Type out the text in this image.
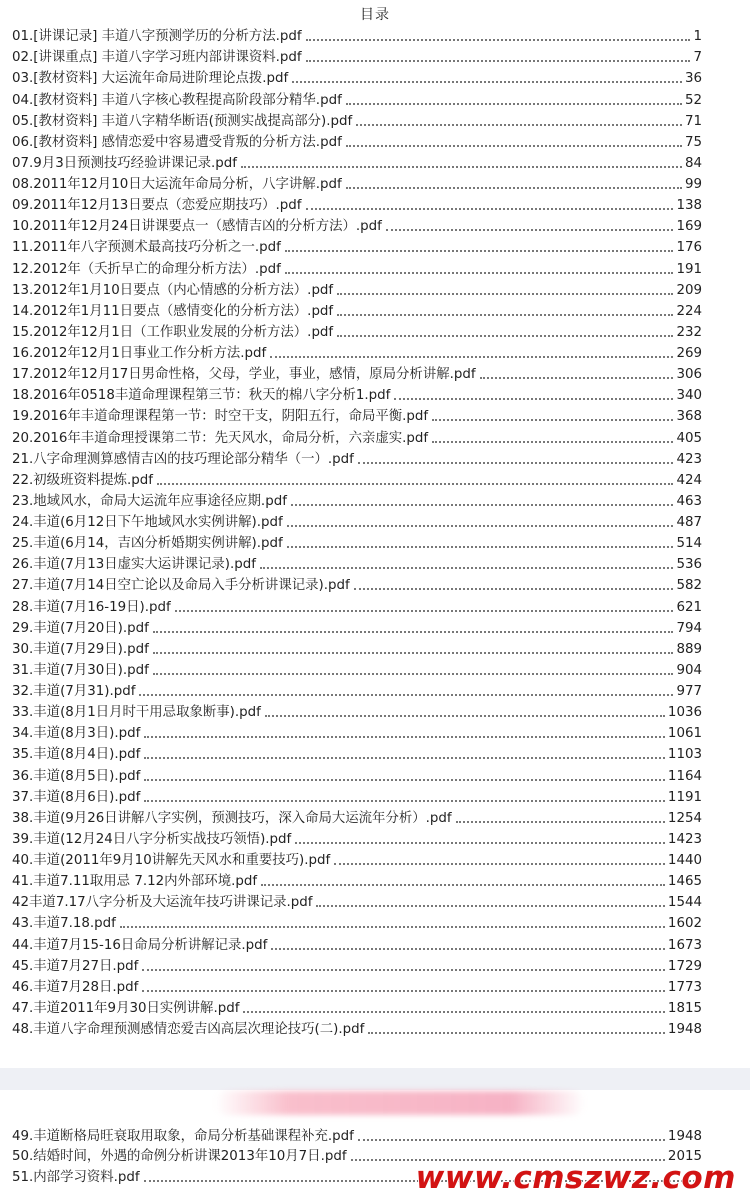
目录
01.[讲课记录] 丰道八字预测学历的分析方法.pdf	1
02.[讲课重点] 丰道八字学习班内部讲课资料.pdf	7
03.[教材资料] 大运流年命局进阶理论点拨.pdf	36
04.[教材资料] 丰道八字核心教程提高阶段部分精华.pdf	52
05.[教材资料] 丰道八字精华断语(预测实战提高部分).pdf	71
06.[教材资料] 感情恋爱中容易遭受背叛的分析方法.pdf	75
07.9月3日预测技巧经验讲课记录.pdf	84
08.2011年12月10日大运流年命局分析，八字讲解.pdf	99
09.2011年12月13日要点（恋爱应期技巧）.pdf	138
10.2011年12月24日讲课要点一（感情吉凶的分析方法）.pdf	169
11.2011年八字预测术最高技巧分析之一.pdf	176
12.2012年（夭折早亡的命理分析方法）.pdf	191
13.2012年1月10日要点（内心情感的分析方法）.pdf	209
14.2012年1月11日要点（感情变化的分析方法）.pdf	224
15.2012年12月1日（工作职业发展的分析方法）.pdf	232
16.2012年12月1日事业工作分析方法.pdf	269
17.2012年12月17日男命性格，父母，学业，事业，感情，原局分析讲解.pdf	306
18.2016年0518丰道命理课程第三节：秋天的棉八字分析1.pdf	340
19.2016年丰道命理课程第一节：时空干支，阴阳五行，命局平衡.pdf	368
20.2016年丰道命理授课第二节：先天风水，命局分析，六亲虚实.pdf	405
21.八字命理测算感情吉凶的技巧理论部分精华（一）.pdf	423
22.初级班资料提炼.pdf	424
23.地域风水，命局大运流年应事途径应期.pdf	463
24.丰道(6月12日下午地域风水实例讲解).pdf	487
25.丰道(6月14，吉凶分析婚期实例讲解).pdf	514
26.丰道(7月13日虚实大运讲课记录).pdf	536
27.丰道(7月14日空亡论以及命局入手分析讲课记录).pdf	582
28.丰道(7月16-19日).pdf	621
29.丰道(7月20日).pdf	794
30.丰道(7月29日).pdf	889
31.丰道(7月30日).pdf	904
32.丰道(7月31).pdf	977
33.丰道(8月1日月时干用忌取象断事).pdf	1036
34.丰道(8月3日).pdf	1061
35.丰道(8月4日).pdf	1103
36.丰道(8月5日).pdf	1164
37.丰道(8月6日).pdf	1191
38.丰道(9月26日讲解八字实例，预测技巧，深入命局大运流年分析）.pdf	1254
39.丰道(12月24日八字分析实战技巧领悟).pdf	1423
40.丰道(2011年9月10讲解先天风水和重要技巧).pdf	1440
41.丰道7.11取用忌 7.12内外部环境.pdf	1465
42丰道7.17八字分析及大运流年技巧讲课记录.pdf	1544
43.丰道7.18.pdf	1602
44.丰道7月15-16日命局分析讲解记录.pdf	1673
45.丰道7月27日.pdf	1729
46.丰道7月28日.pdf	1773
47.丰道2011年9月30日实例讲解.pdf	1815
48.丰道八字命理预测感情恋爱吉凶高层次理论技巧(二).pdf	1948
49.丰道断格局旺衰取用取象，命局分析基础课程补充.pdf	1948
50.结婚时间，外遇的命例分析讲课2013年10月7日.pdf	2015
51.内部学习资料.pdf	www.cmszwz.com
